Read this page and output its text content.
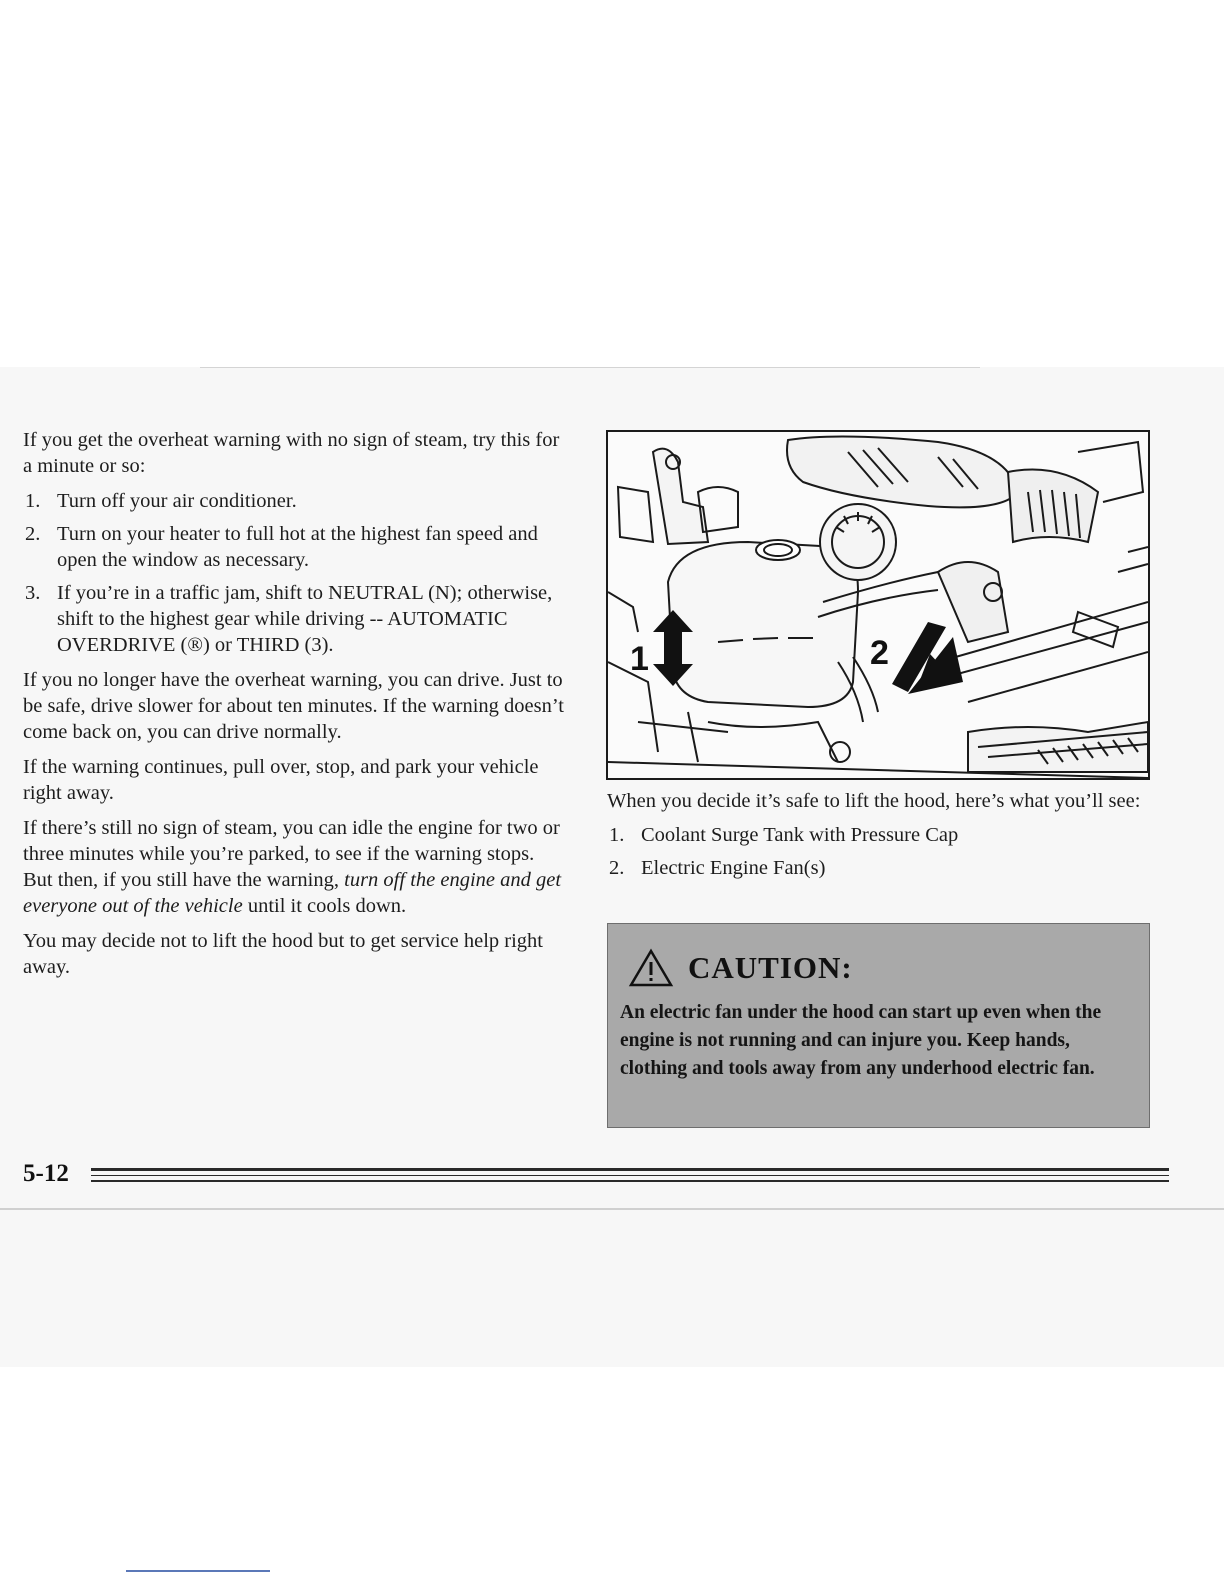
If you get the overheat warning with no sign of steam, try this for a minute or so:

1. Turn off your air conditioner.
2. Turn on your heater to full hot at the highest fan speed and open the window as necessary.
3. If you’re in a traffic jam, shift to NEUTRAL (N); otherwise, shift to the highest gear while driving -- AUTOMATIC OVERDRIVE (®) or THIRD (3).

If you no longer have the overheat warning, you can drive. Just to be safe, drive slower for about ten minutes. If the warning doesn’t come back on, you can drive normally.

If the warning continues, pull over, stop, and park your vehicle right away.

If there’s still no sign of steam, you can idle the engine for two or three minutes while you’re parked, to see if the warning stops. But then, if you still have the warning, turn off the engine and get everyone out of the vehicle until it cools down.

You may decide not to lift the hood but to get service help right away.

1	2

When you decide it’s safe to lift the hood, here’s what you’ll see:

1. Coolant Surge Tank with Pressure Cap
2. Electric Engine Fan(s)
CAUTION:
An electric fan under the hood can start up even when the engine is not running and can injure you. Keep hands, clothing and tools away from any underhood electric fan.
5-12
